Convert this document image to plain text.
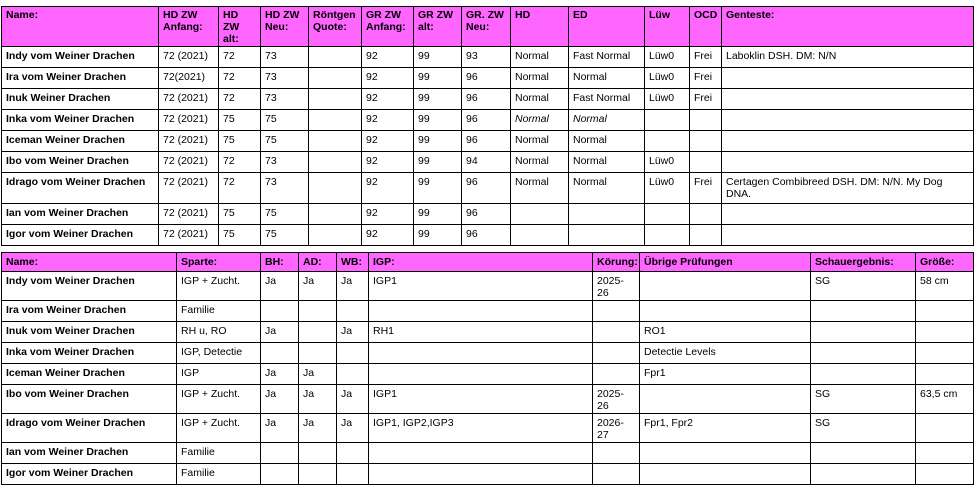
Name:	HD ZW Anfang:	HD ZW alt:	HD ZW Neu:	Röntgen Quote:	GR ZW Anfang:	GR ZW alt:	GR. ZW Neu:	HD	ED	Lüw	OCD	Genteste:
Indy vom Weiner Drachen	72 (2021)	72	73		92	99	93	Normal	Fast Normal	Lüw0	Frei	Laboklin DSH. DM: N/N
Ira vom Weiner Drachen	72(2021)	72	73		92	99	96	Normal	Normal	Lüw0	Frei	
Inuk Weiner Drachen	72 (2021)	72	73		92	99	96	Normal	Fast Normal	Lüw0	Frei	
Inka vom Weiner Drachen	72 (2021)	75	75		92	99	96	Normal	Normal			
Iceman Weiner Drachen	72 (2021)	75	75		92	99	96	Normal	Normal			
Ibo vom Weiner Drachen	72 (2021)	72	73		92	99	94	Normal	Normal	Lüw0		
Idrago vom Weiner Drachen	72 (2021)	72	73		92	99	96	Normal	Normal	Lüw0	Frei	Certagen Combibreed DSH. DM: N/N. My Dog DNA.
Ian vom Weiner Drachen	72 (2021)	75	75		92	99	96					
Igor vom Weiner Drachen	72 (2021)	75	75		92	99	96					
Name:	Sparte:	BH:	AD:	WB:	IGP:	Körung:	Übrige Prüfungen	Schauergebnis:	Größe:
Indy vom Weiner Drachen	IGP + Zucht.	Ja	Ja	Ja	IGP1	2025-26		SG	58 cm
Ira vom Weiner Drachen	Familie								
Inuk vom Weiner Drachen	RH u, RO	Ja		Ja	RH1		RO1		
Inka vom Weiner Drachen	IGP, Detectie						Detectie Levels		
Iceman Weiner Drachen	IGP	Ja	Ja				Fpr1		
Ibo vom Weiner Drachen	IGP + Zucht.	Ja	Ja	Ja	IGP1	2025-26		SG	63,5 cm
Idrago vom Weiner Drachen	IGP + Zucht.	Ja	Ja	Ja	IGP1, IGP2,IGP3	2026-27	Fpr1, Fpr2	SG	
Ian vom Weiner Drachen	Familie								
Igor vom Weiner Drachen	Familie								
